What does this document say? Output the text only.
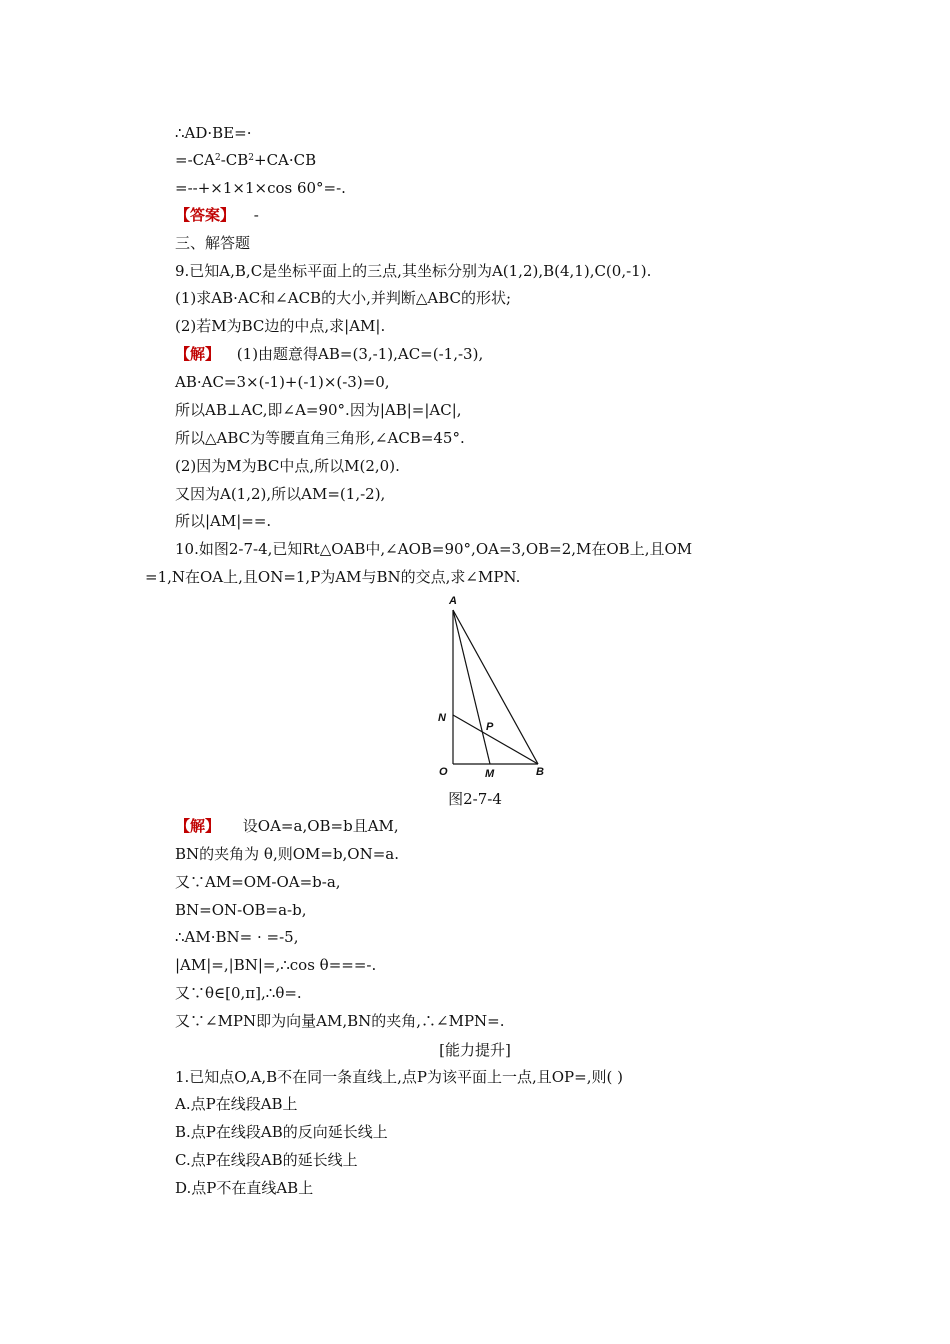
∴AD·BE=·
$=-CA^2-CB^2+CA\cdot CB$
=--+×1×1×cos 60°=-.
【答案】 -
三、解答题
9.已知A,B,C是坐标平面上的三点,其坐标分别为A(1,2),B(4,1),C(0,-1).
(1)求AB·AC和∠ACB的大小,并判断△ABC的形状;
(2)若M为BC边的中点,求|AM|.
【解】 (1)由题意得AB=(3,-1),AC=(-1,-3),
AB·AC=3×(-1)+(-1)×(-3)=0,
所以AB⊥AC,即∠A=90°.因为|AB|=|AC|,
所以△ABC为等腰直角三角形,∠ACB=45°.
(2)因为M为BC中点,所以M(2,0).
又因为A(1,2),所以AM=(1,-2),
所以|AM|==.
10.如图2-7-4,已知Rt△OAB中,∠AOB=90°,OA=3,OB=2,M在OB上,且OM
=1,N在OA上,且ON=1,P为AM与BN的交点,求∠MPN.
A
N
P
O	M	B
图2-7-4
【解】 设OA=a,OB=b且AM,
BN的夹角为 θ,则OM=b,ON=a.
又∵AM=OM-OA=b-a,
BN=ON-OB=a-b,
∴AM·BN= · =-5,
|AM|=,|BN|=,∴cos θ===-.
又∵θ∈[0,π],∴θ=.
又∵∠MPN即为向量AM,BN的夹角,∴∠MPN=.
[能力提升]
1.已知点O,A,B不在同一条直线上,点P为该平面上一点,且OP=,则( )
A.点P在线段AB上
B.点P在线段AB的反向延长线上
C.点P在线段AB的延长线上
D.点P不在直线AB上
